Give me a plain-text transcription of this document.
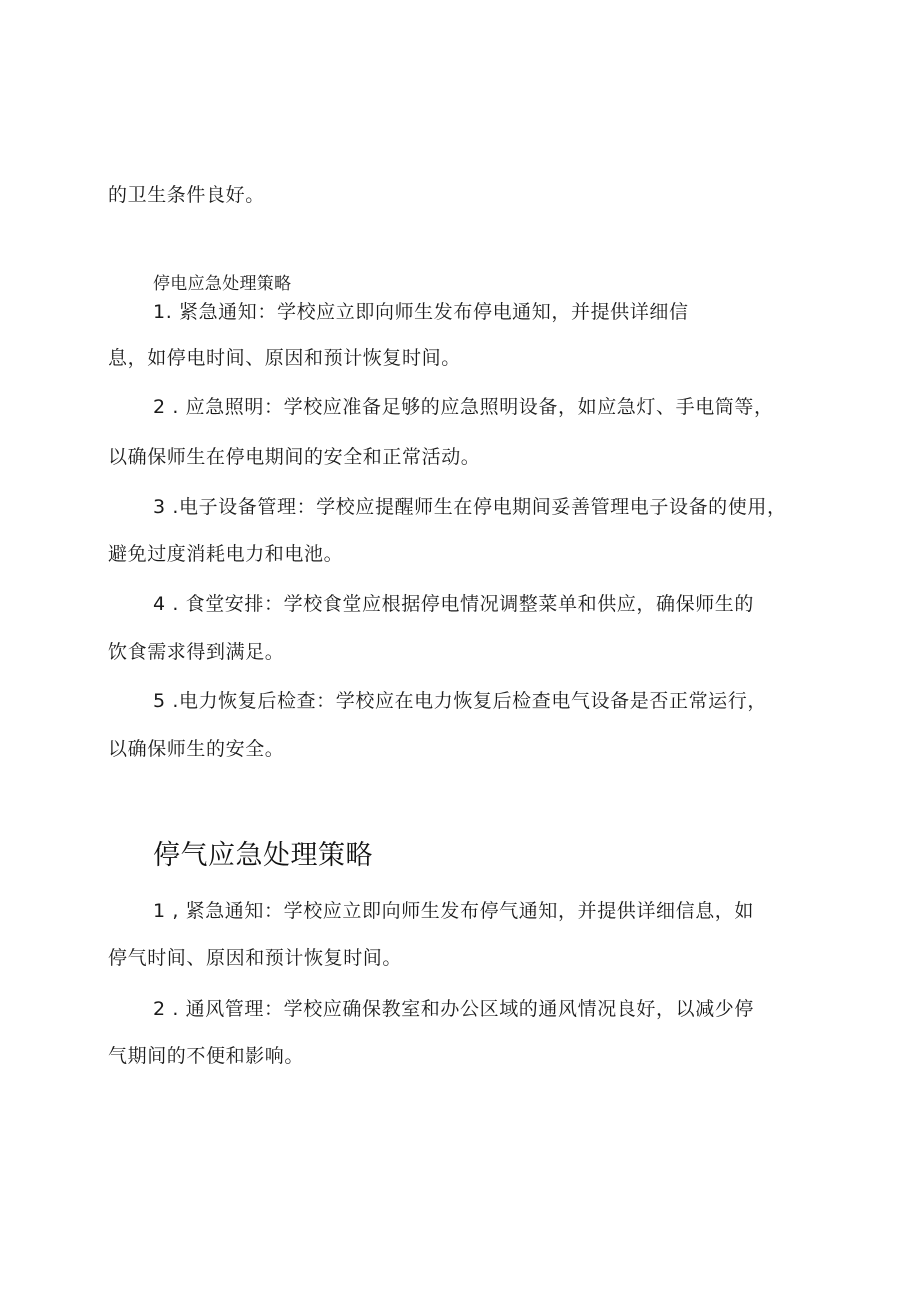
的卫生条件良好。
停电应急处理策略
1. 紧急通知：学校应立即向师生发布停电通知，并提供详细信
息，如停电时间、原因和预计恢复时间。
2 . 应急照明：学校应准备足够的应急照明设备，如应急灯、手电筒等，
以确保师生在停电期间的安全和正常活动。
3 .电子设备管理：学校应提醒师生在停电期间妥善管理电子设备的使用，
避免过度消耗电力和电池。
4 . 食堂安排：学校食堂应根据停电情况调整菜单和供应，确保师生的
饮食需求得到满足。
5 .电力恢复后检查：学校应在电力恢复后检查电气设备是否正常运行，
以确保师生的安全。
停气应急处理策略
1 , 紧急通知：学校应立即向师生发布停气通知，并提供详细信息，如
停气时间、原因和预计恢复时间。
2 . 通风管理：学校应确保教室和办公区域的通风情况良好，以减少停
气期间的不便和影响。
